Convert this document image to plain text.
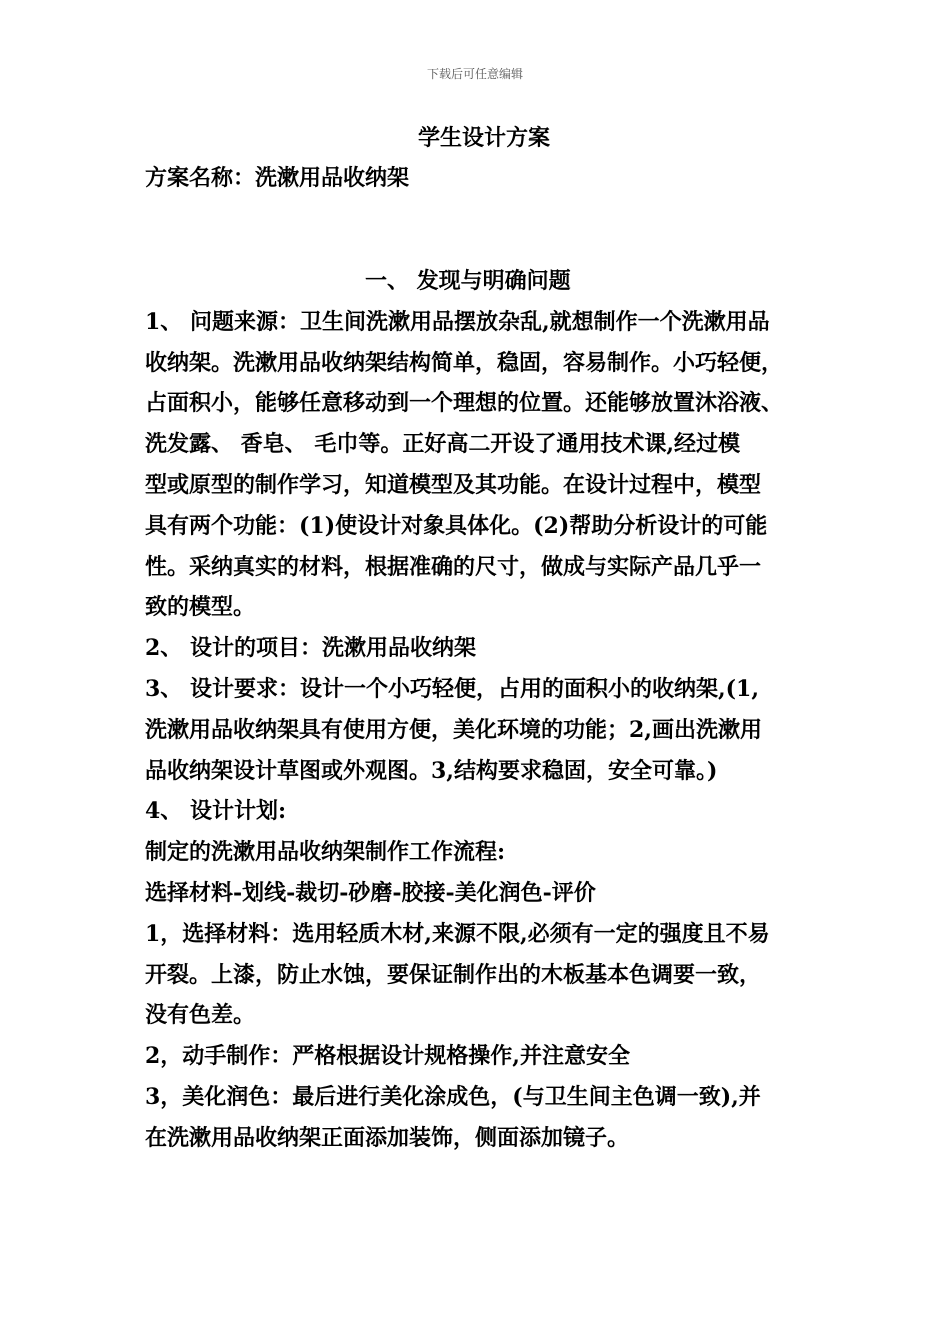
下载后可任意编辑
学生设计方案
方案名称：洗漱用品收纳架
一、 发现与明确问题
1、 问题来源：卫生间洗漱用品摆放杂乱,就想制作一个洗漱用品
收纳架。洗漱用品收纳架结构简单，稳固，容易制作。小巧轻便，
占面积小，能够任意移动到一个理想的位置。还能够放置沐浴液、
洗发露、 香皂、 毛巾等。正好高二开设了通用技术课,经过模
型或原型的制作学习，知道模型及其功能。在设计过程中，模型
具有两个功能：(1)使设计对象具体化。(2)帮助分析设计的可能
性。采纳真实的材料，根据准确的尺寸，做成与实际产品几乎一
致的模型。
2、 设计的项目：洗漱用品收纳架
3、 设计要求：设计一个小巧轻便，占用的面积小的收纳架,(1,
洗漱用品收纳架具有使用方便，美化环境的功能；2,画出洗漱用
品收纳架设计草图或外观图。3,结构要求稳固，安全可靠。)
4、 设计计划:
制定的洗漱用品收纳架制作工作流程:
选择材料-划线-裁切-砂磨-胶接-美化润色-评价
1，选择材料：选用轻质木材,来源不限,必须有一定的强度且不易
开裂。上漆，防止水蚀，要保证制作出的木板基本色调要一致，
没有色差。
2，动手制作：严格根据设计规格操作,并注意安全
3，美化润色：最后进行美化涂成色，(与卫生间主色调一致),并
在洗漱用品收纳架正面添加装饰，侧面添加镜子。
